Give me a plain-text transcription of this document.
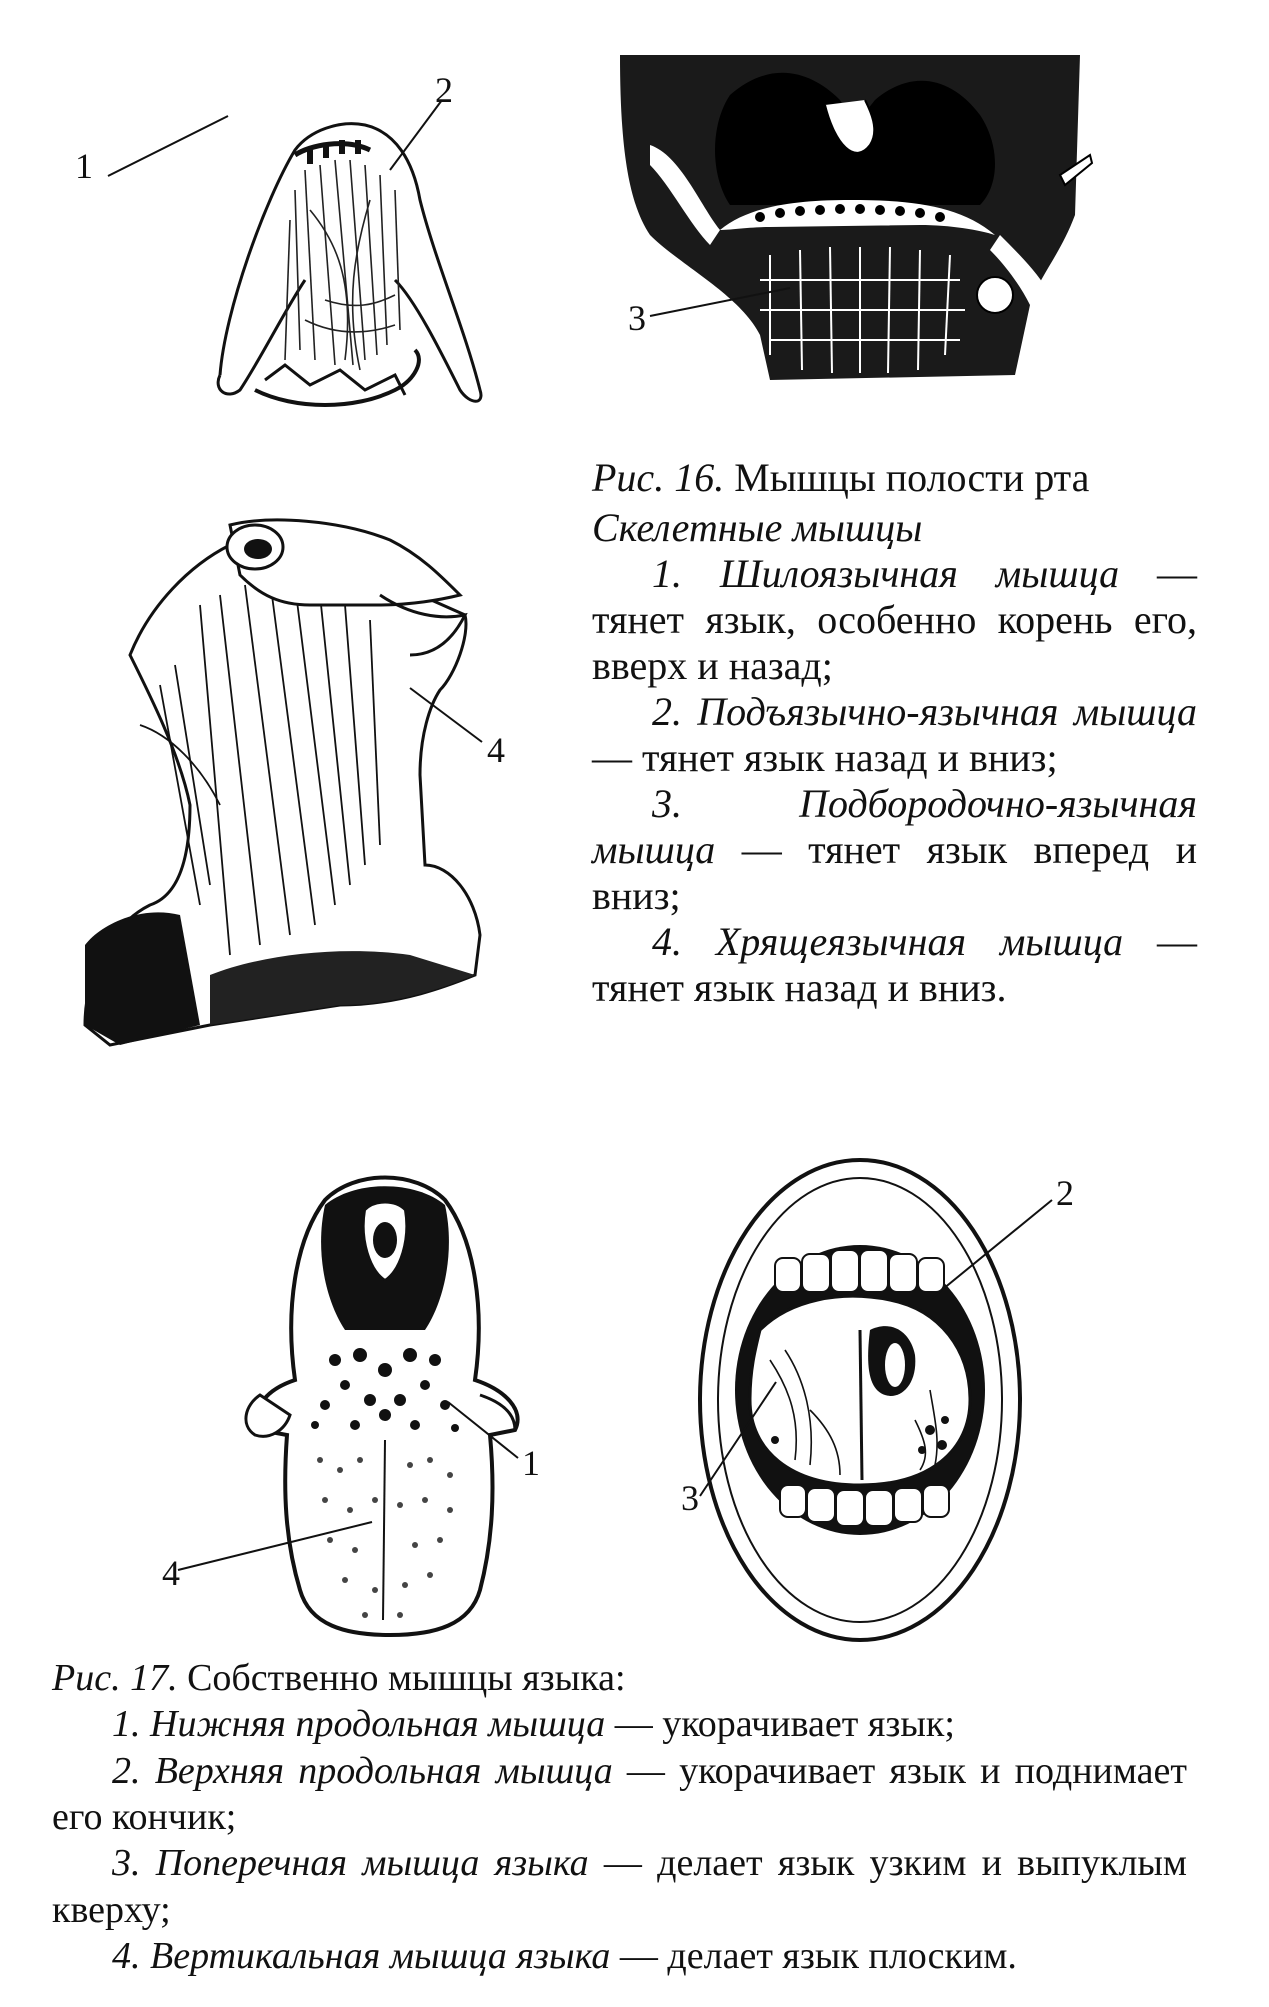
1
2
3
4

Рис. 16. Мышцы полости рта

Скелетные мышцы

1. Шилоязычная мышца — тянет язык, особенно корень его, вверх и назад;

2. Подъязычно-язычная мышца — тянет язык назад и вниз;

3. Подбородочно-язычная мышца — тянет язык вперед и вниз;

4. Хрящеязычная мышца — тянет язык назад и вниз.

1
4
2
3

Рис. 17. Собственно мышцы языка:

1. Нижняя продольная мышца — укорачивает язык;

2. Верхняя продольная мышца — укорачивает язык и поднимает его кончик;

3. Поперечная мышца языка — делает язык узким и выпуклым кверху;

4. Вертикальная мышца языка — делает язык плоским.
